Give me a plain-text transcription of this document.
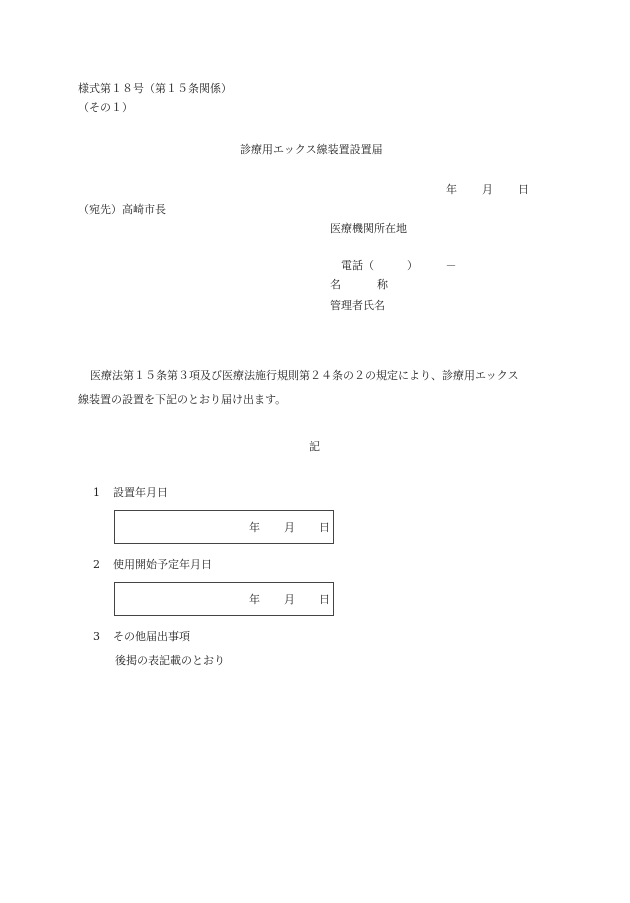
様式第１８号（第１５条関係）
（その１）
診療用エックス線装置設置届
年 月 日
（宛先）高崎市長
医療機関所在地
電話（　　　）　　　－
名	称
管理者氏名
医療法第１５条第３項及び医療法施行規則第２４条の２の規定により、診療用エックス
線装置の設置を下記のとおり届け出ます。
記
1 設置年月日
年 月 日
2 使用開始予定年月日
年 月 日
3 その他届出事項
後掲の表記載のとおり
